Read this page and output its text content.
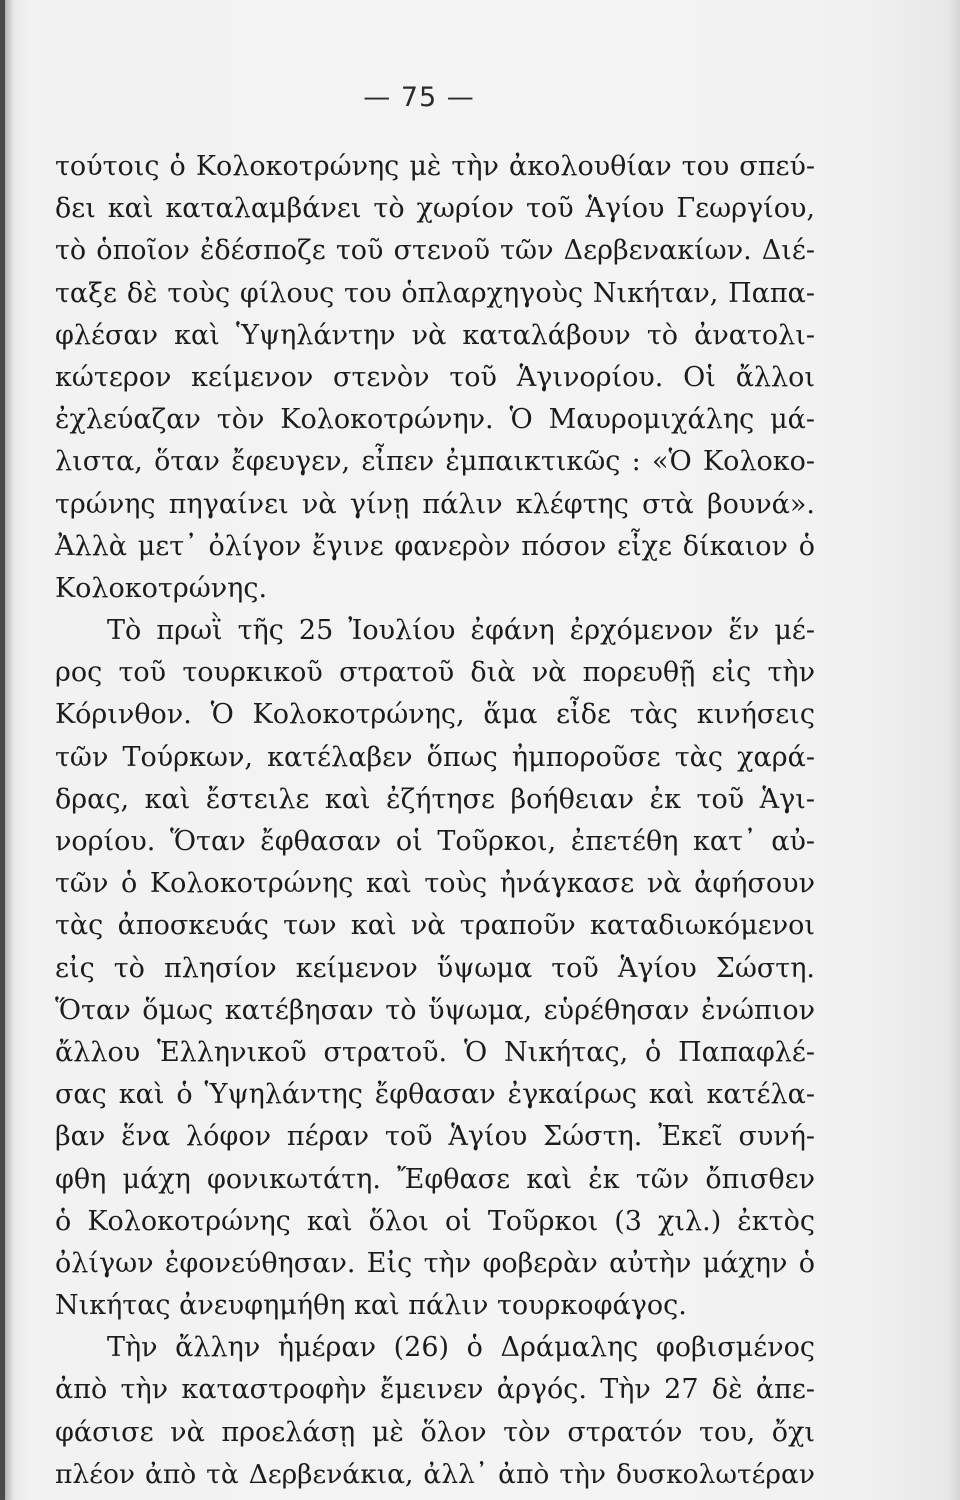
— 75 —
τούτοις ὁ Κολοκοτρώνης μὲ τὴν ἀκολουθίαν του σπεύ-
δει καὶ καταλαμβάνει τὸ χωρίον τοῦ Ἁγίου Γεωργίου,
τὸ ὁποῖον ἐδέσποζε τοῦ στενοῦ τῶν Δερβενακίων. Διέ-
ταξε δὲ τοὺς φίλους του ὁπλαρχηγοὺς Νικήταν, Παπα-
φλέσαν καὶ Ὑψηλάντην νὰ καταλάβουν τὸ ἀνατολι-
κώτερον κείμενον στενὸν τοῦ Ἁγινορίου. Οἱ ἄλλοι
ἐχλεύαζαν τὸν Κολοκοτρώνην. Ὁ Μαυρομιχάλης μά-
λιστα, ὅταν ἔφευγεν, εἶπεν ἐμπαικτικῶς : «Ὁ Κολοκο-
τρώνης πηγαίνει νὰ γίνῃ πάλιν κλέφτης στὰ βουνά».
Ἀλλὰ μετ᾿ ὀλίγον ἔγινε φανερὸν πόσον εἶχε δίκαιον ὁ
Κολοκοτρώνης.
Τὸ πρωῒ τῆς 25 Ἰουλίου ἐφάνη ἐρχόμενον ἕν μέ-
ρος τοῦ τουρκικοῦ στρατοῦ διὰ νὰ πορευθῇ εἰς τὴν
Κόρινθον. Ὁ Κολοκοτρώνης, ἅμα εἶδε τὰς κινήσεις
τῶν Τούρκων, κατέλαβεν ὅπως ἠμποροῦσε τὰς χαρά-
δρας, καὶ ἔστειλε καὶ ἐζήτησε βοήθειαν ἐκ τοῦ Ἁγι-
νορίου. Ὅταν ἔφθασαν οἱ Τοῦρκοι, ἐπετέθη κατ᾿ αὐ-
τῶν ὁ Κολοκοτρώνης καὶ τοὺς ἠνάγκασε νὰ ἀφήσουν
τὰς ἀποσκευάς των καὶ νὰ τραποῦν καταδιωκόμενοι
εἰς τὸ πλησίον κείμενον ὕψωμα τοῦ Ἁγίου Σώστη.
Ὅταν ὅμως κατέβησαν τὸ ὕψωμα, εὑρέθησαν ἐνώπιον
ἄλλου Ἑλληνικοῦ στρατοῦ. Ὁ Νικήτας, ὁ Παπαφλέ-
σας καὶ ὁ Ὑψηλάντης ἔφθασαν ἐγκαίρως καὶ κατέλα-
βαν ἕνα λόφον πέραν τοῦ Ἁγίου Σώστη. Ἐκεῖ συνή-
φθη μάχη φονικωτάτη. Ἔφθασε καὶ ἐκ τῶν ὄπισθεν
ὁ Κολοκοτρώνης καὶ ὅλοι οἱ Τοῦρκοι (3 χιλ.) ἐκτὸς
ὀλίγων ἐφονεύθησαν. Εἰς τὴν φοβερὰν αὐτὴν μάχην ὁ
Νικήτας ἀνευφημήθη καὶ πάλιν τουρκοφάγος.
Τὴν ἄλλην ἡμέραν (26) ὁ Δράμαλης φοβισμένος
ἀπὸ τὴν καταστροφὴν ἔμεινεν ἀργός. Τὴν 27 δὲ ἀπε-
φάσισε νὰ προελάσῃ μὲ ὅλον τὸν στρατόν του, ὄχι
πλέον ἀπὸ τὰ Δερβενάκια, ἀλλ᾿ ἀπὸ τὴν δυσκολωτέραν
